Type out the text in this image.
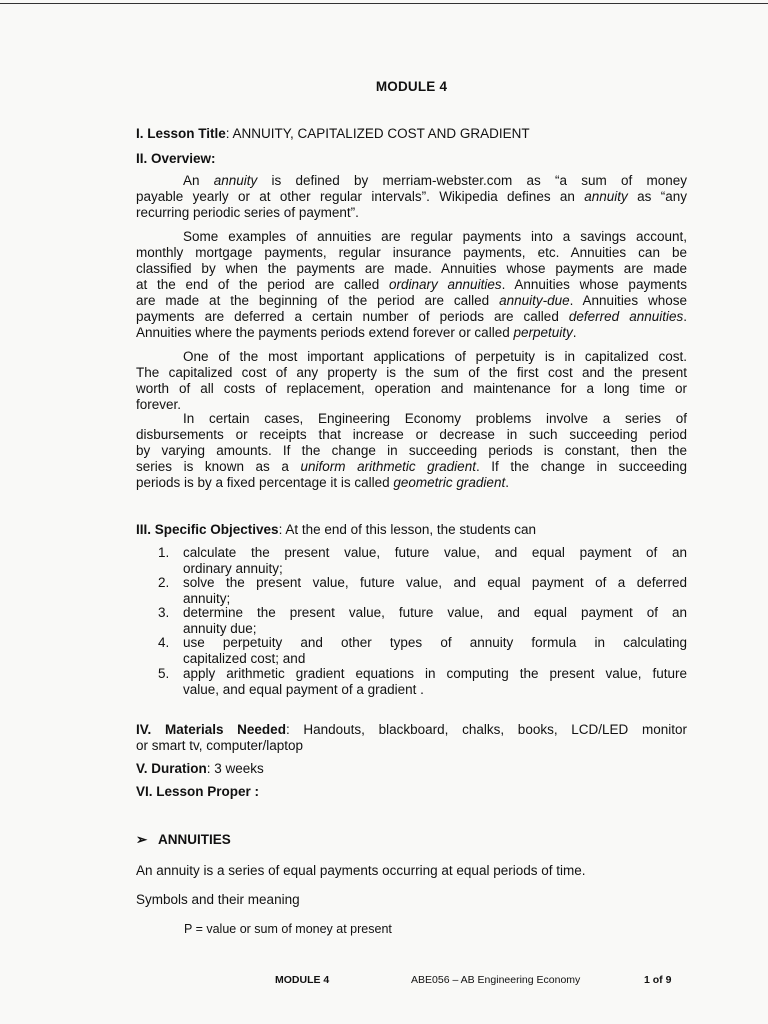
MODULE 4
I. Lesson Title: ANNUITY, CAPITALIZED COST AND GRADIENT
II. Overview:
An annuity is defined by merriam-webster.com as “a sum of money
payable yearly or at other regular intervals”. Wikipedia defines an annuity as “any
recurring periodic series of payment”.
Some examples of annuities are regular payments into a savings account,
monthly mortgage payments, regular insurance payments, etc. Annuities can be
classified by when the payments are made. Annuities whose payments are made
at the end of the period are called ordinary annuities. Annuities whose payments
are made at the beginning of the period are called annuity-due. Annuities whose
payments are deferred a certain number of periods are called deferred annuities.
Annuities where the payments periods extend forever or called perpetuity.
One of the most important applications of perpetuity is in capitalized cost.
The capitalized cost of any property is the sum of the first cost and the present
worth of all costs of replacement, operation and maintenance for a long time or
forever.
In certain cases, Engineering Economy problems involve a series of
disbursements or receipts that increase or decrease in such succeeding period
by varying amounts. If the change in succeeding periods is constant, then the
series is known as a uniform arithmetic gradient. If the change in succeeding
periods is by a fixed percentage it is called geometric gradient.
III. Specific Objectives: At the end of this lesson, the students can
1.	calculate the present value, future value, and equal payment of an
ordinary annuity;
2.	solve the present value, future value, and equal payment of a deferred
annuity;
3.	determine the present value, future value, and equal payment of an
annuity due;
4.	use perpetuity and other types of annuity formula in calculating
capitalized cost; and
5.	apply arithmetic gradient equations in computing the present value, future
value, and equal payment of a gradient .
IV. Materials Needed: Handouts, blackboard, chalks, books, LCD/LED monitor
or smart tv, computer/laptop
V. Duration: 3 weeks
VI. Lesson Proper :
➢ ANNUITIES
An annuity is a series of equal payments occurring at equal periods of time.
Symbols and their meaning
P = value or sum of money at present
MODULE 4	ABE056 – AB Engineering Economy	1 of 9
